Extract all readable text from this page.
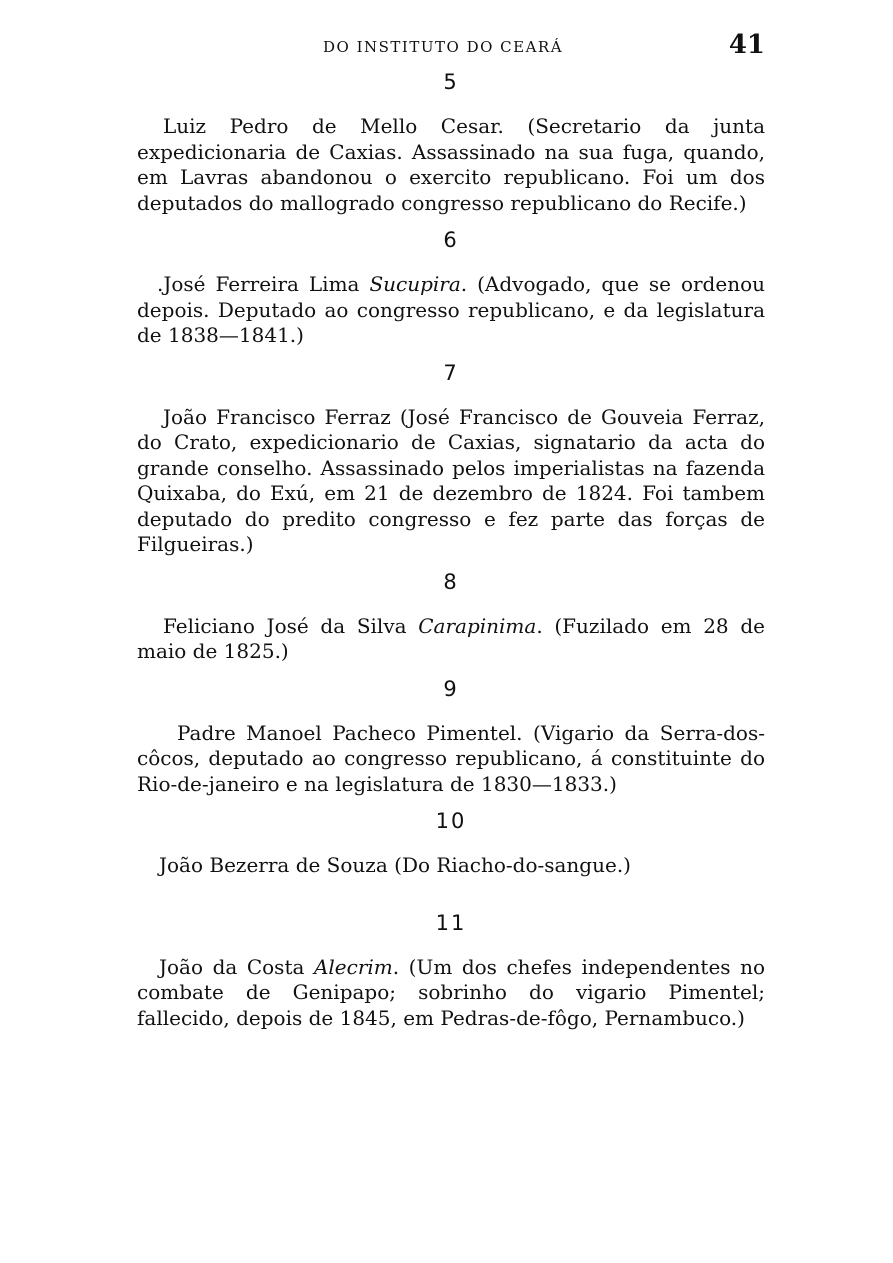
DO INSTITUTO DO CEARÁ	41
5

Luiz Pedro de Mello Cesar. (Secretario da junta expedicionaria de Caxias. Assassinado na sua fuga, quando, em Lavras abandonou o exercito republicano. Foi um dos deputados do mallogrado congresso republicano do Recife.)

6

.José Ferreira Lima Sucupira. (Advogado, que se ordenou depois. Deputado ao congresso republicano, e da legislatura de 1838—1841.)

7

João Francisco Ferraz (José Francisco de Gouveia Ferraz, do Crato, expedicionario de Caxias, signatario da acta do grande conselho. Assassinado pelos imperialistas na fazenda Quixaba, do Exú, em 21 de dezembro de 1824. Foi tambem deputado do predito congresso e fez parte das forças de Filgueiras.)

8

Feliciano José da Silva Carapinima. (Fuzilado em 28 de maio de 1825.)

9

Padre Manoel Pacheco Pimentel. (Vigario da Serra-dos-côcos, deputado ao congresso republicano, á constituinte do Rio-de-janeiro e na legislatura de 1830—1833.)

10

João Bezerra de Souza (Do Riacho-do-sangue.)

11

João da Costa Alecrim. (Um dos chefes independentes no combate de Genipapo; sobrinho do vigario Pimentel; fallecido, depois de 1845, em Pedras-de-fôgo, Pernambuco.)
